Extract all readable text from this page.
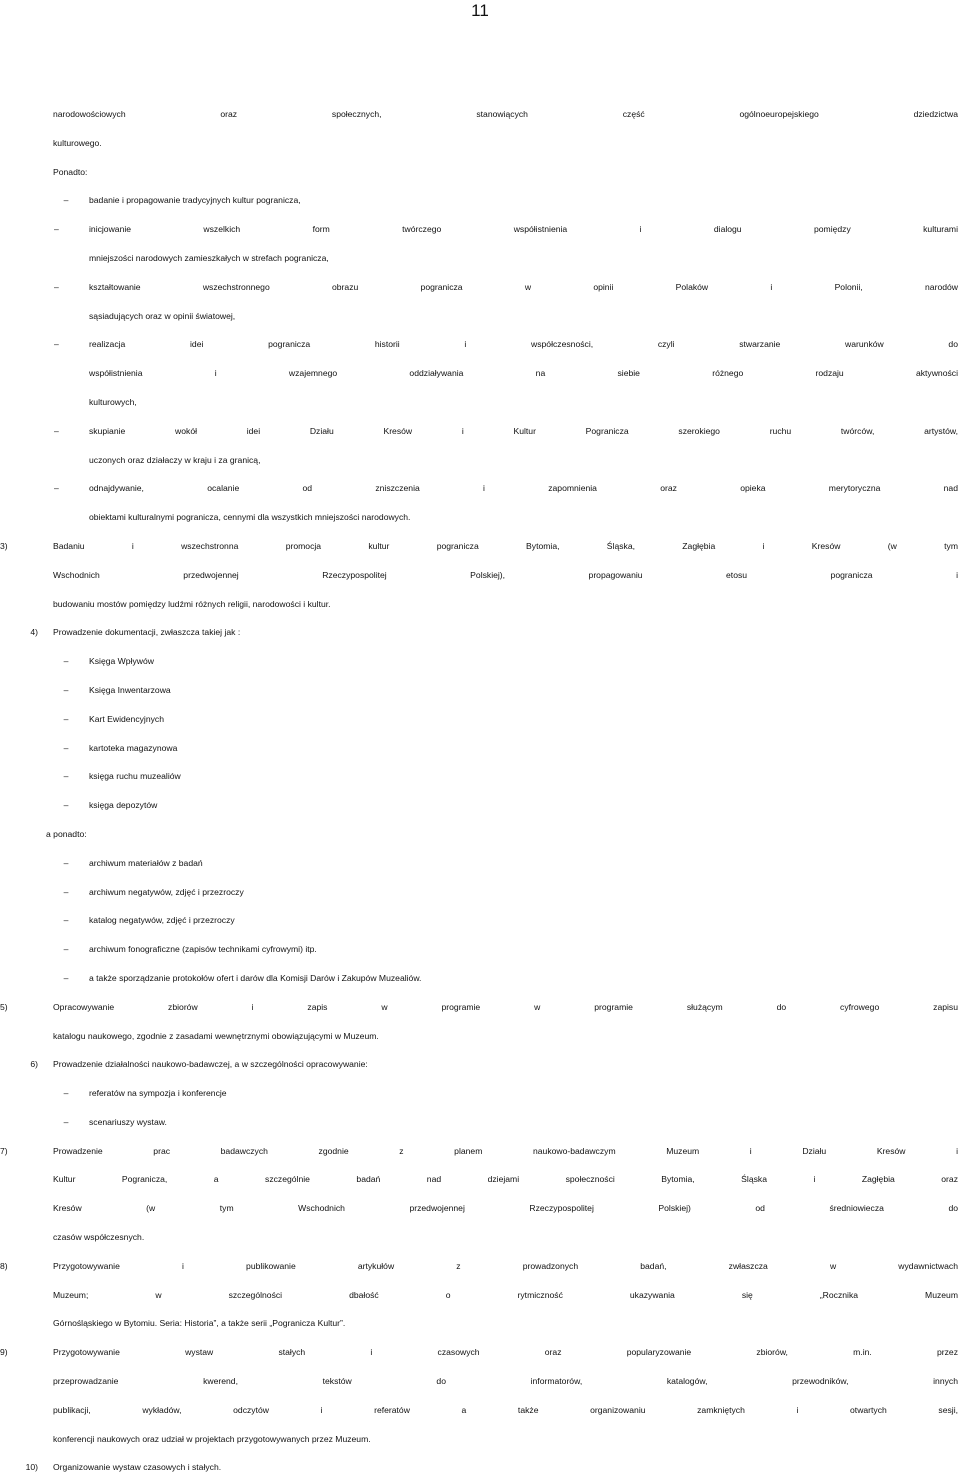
11
narodowościowych oraz społecznych, stanowiących część ogólnoeuropejskiego dziedzictwa
kulturowego.
Ponadto:
–	badanie i propagowanie tradycyjnych kultur pogranicza,
–	inicjowanie wszelkich form twórczego współistnienia i dialogu pomiędzy kulturami
mniejszości narodowych zamieszkałych w strefach pogranicza,
–	kształtowanie wszechstronnego obrazu pogranicza w opinii Polaków i Polonii, narodów
sąsiadujących oraz w opinii światowej,
–	realizacja idei pogranicza historii i współczesności, czyli stwarzanie warunków do
współistnienia i wzajemnego oddziaływania na siebie różnego rodzaju aktywności
kulturowych,
–	skupianie wokół idei Działu Kresów i Kultur Pogranicza szerokiego ruchu twórców, artystów,
uczonych oraz działaczy w kraju i za granicą,
–	odnajdywanie, ocalanie od zniszczenia i zapomnienia oraz opieka merytoryczna nad
obiektami kulturalnymi pogranicza, cennymi dla wszystkich mniejszości narodowych.
3)	Badaniu i wszechstronna promocja kultur pogranicza Bytomia, Śląska, Zagłębia i Kresów (w tym
Wschodnich przedwojennej Rzeczypospolitej Polskiej), propagowaniu etosu pogranicza i
budowaniu mostów pomiędzy ludźmi różnych religii, narodowości i kultur.
4) Prowadzenie dokumentacji, zwłaszcza takiej jak :
–	Księga Wpływów
–	Księga Inwentarzowa
–	Kart Ewidencyjnych
–	kartoteka magazynowa
–	księga ruchu muzealiów
–	księga depozytów
a ponadto:
–	archiwum materiałów z badań
–	archiwum negatywów, zdjęć i przezroczy
–	katalog negatywów, zdjęć i przezroczy
–	archiwum fonograficzne (zapisów technikami cyfrowymi) itp.
–	a także sporządzanie protokołów ofert i darów dla Komisji Darów i Zakupów Muzealiów.
5)	Opracowywanie zbiorów i zapis w programie w programie służącym do cyfrowego zapisu
katalogu naukowego, zgodnie z zasadami wewnętrznymi obowiązującymi w Muzeum.
6) Prowadzenie działalności naukowo-badawczej, a w szczególności opracowywanie:
–	referatów na sympozja i konferencje
–	scenariuszy wystaw.
7)	Prowadzenie prac badawczych zgodnie z planem naukowo-badawczym Muzeum i Działu Kresów i
Kultur Pogranicza, a szczególnie badań nad dziejami społeczności Bytomia, Śląska i Zagłębia oraz
Kresów (w tym Wschodnich przedwojennej Rzeczypospolitej Polskiej) od średniowiecza do
czasów współczesnych.
8)	Przygotowywanie i publikowanie artykułów z prowadzonych badań, zwłaszcza w wydawnictwach
Muzeum; w szczególności dbałość o rytmiczność ukazywania się „Rocznika Muzeum
Górnośląskiego w Bytomiu. Seria: Historia”, a także serii „Pogranicza Kultur”.
9)	Przygotowywanie wystaw stałych i czasowych oraz popularyzowanie zbiorów, m.in. przez
przeprowadzanie kwerend, tekstów do informatorów, katalogów, przewodników, innych
publikacji, wykładów, odczytów i referatów a także organizowaniu zamkniętych i otwartych sesji,
konferencji naukowych oraz udział w projektach przygotowywanych przez Muzeum.
10) Organizowanie wystaw czasowych i stałych.
